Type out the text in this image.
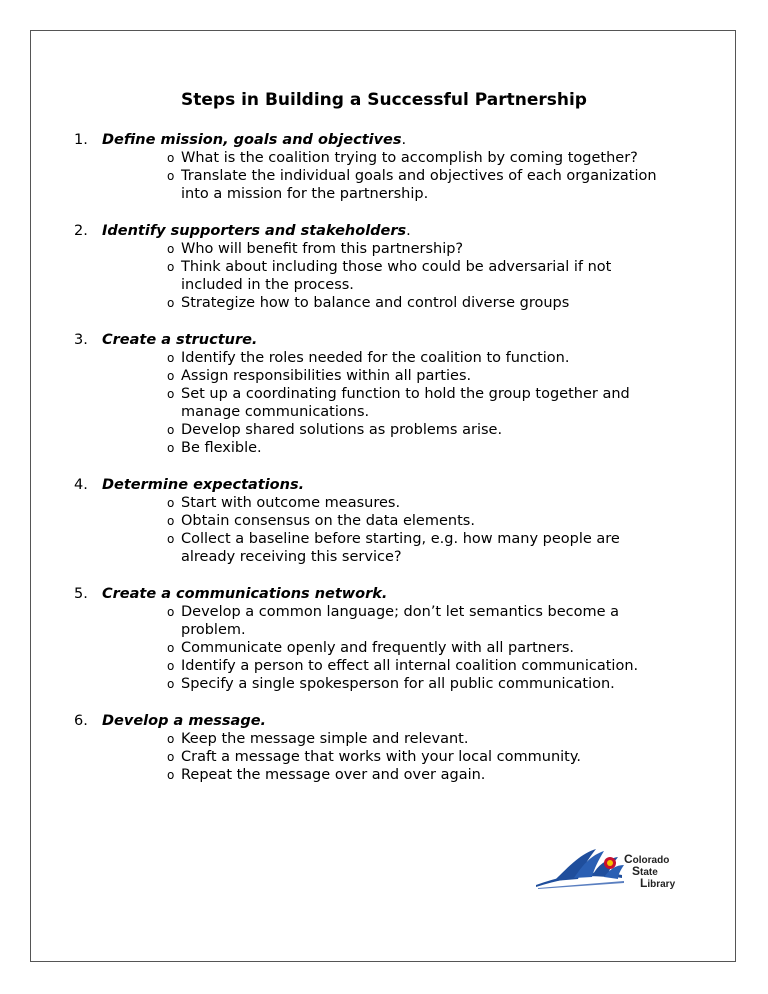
Steps in Building a Successful Partnership
1. Define mission, goals and objectives.
o What is the coalition trying to accomplish by coming together?
o Translate the individual goals and objectives of each organization into a mission for the partnership.
2. Identify supporters and stakeholders.
o Who will benefit from this partnership?
o Think about including those who could be adversarial if not included in the process.
o Strategize how to balance and control diverse groups
3. Create a structure.
o Identify the roles needed for the coalition to function.
o Assign responsibilities within all parties.
o Set up a coordinating function to hold the group together and manage communications.
o Develop shared solutions as problems arise.
o Be flexible.
4. Determine expectations.
o Start with outcome measures.
o Obtain consensus on the data elements.
o Collect a baseline before starting, e.g. how many people are already receiving this service?
5. Create a communications network.
o Develop a common language; don’t let semantics become a problem.
o Communicate openly and frequently with all partners.
o Identify a person to effect all internal coalition communication.
o Specify a single spokesperson for all public communication.
6. Develop a message.
o Keep the message simple and relevant.
o Craft a message that works with your local community.
o Repeat the message over and over again.
Colorado
State
Library
